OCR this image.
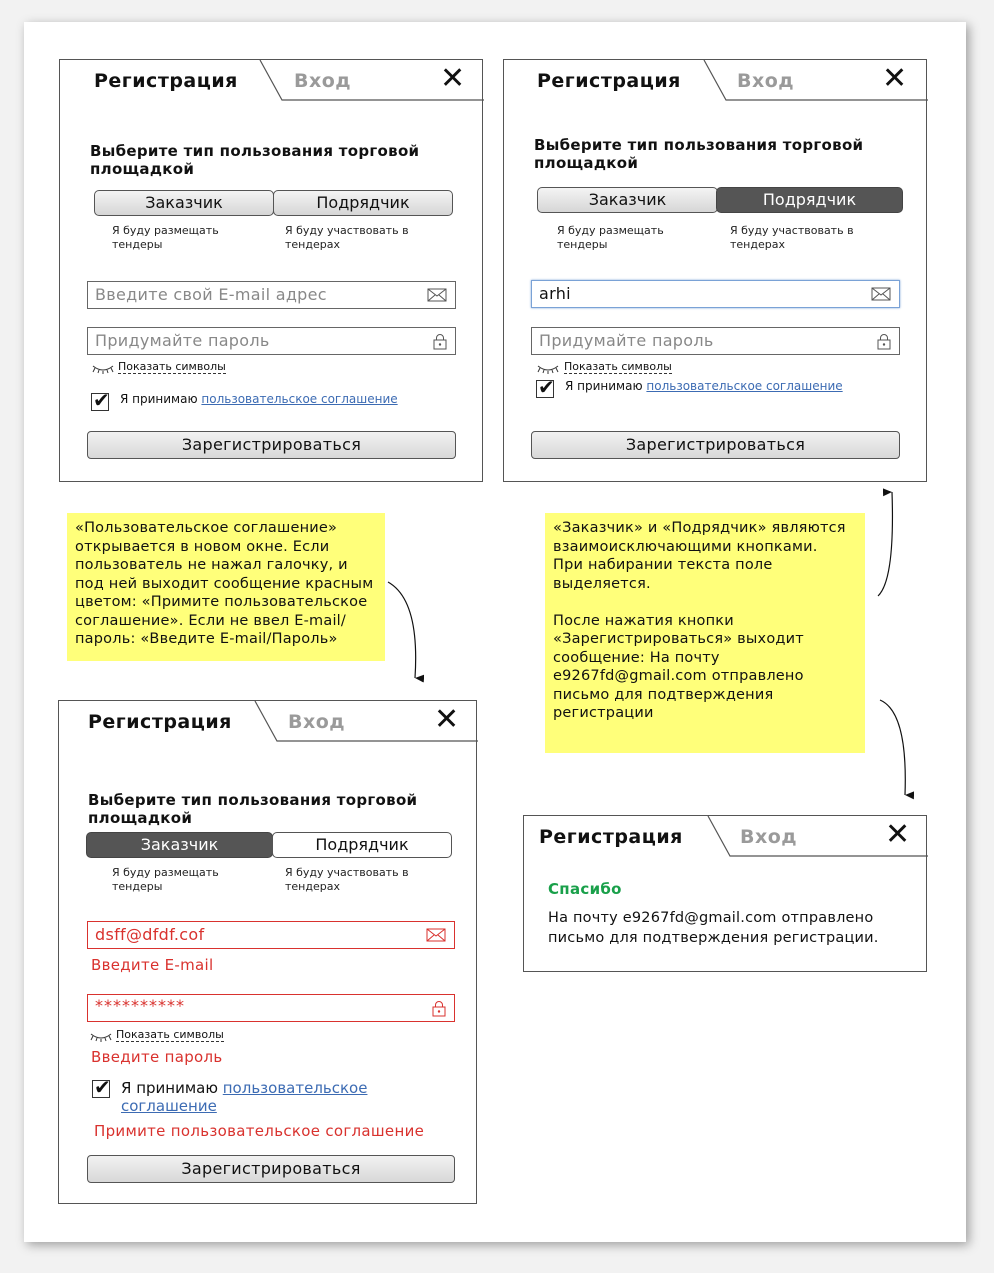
Регистрация	Вход	✕
Выберите тип пользования торговой площадкой
Заказчик	Подрядчик
Я буду размещать тендеры
Я буду участвовать в тендерах
Введите свой E-mail адрес
Придумайте пароль
Показать символы
✔ Я принимаю пользовательское соглашение
Зарегистрироваться
Регистрация	Вход	✕
Выберите тип пользования торговой площадкой
Заказчик	Подрядчик
Я буду размещать тендеры
Я буду участвовать в тендерах
arhi
Придумайте пароль
Показать символы
✔ Я принимаю пользовательское соглашение
Зарегистрироваться
Регистрация	Вход	✕
Выберите тип пользования торговой площадкой
Заказчик	Подрядчик
Я буду размещать тендеры
Я буду участвовать в тендерах
dsff@dfdf.cof
Введите E-mail
**********
Показать символы
Введите пароль
✔ Я принимаю пользовательское
соглашение
Примите пользовательское соглашение
Зарегистрироваться
Регистрация	Вход	✕
Спасибо
На почту e9267fd@gmail.com отправлено
письмо для подтверждения регистрации.
«Пользовательское соглашение»
открывается в новом окне. Если
пользователь не нажал галочку, и
под ней выходит сообщение красным
цветом: «Примите пользовательское
соглашение». Если не ввел E-mail/
пароль: «Введите E-mail/Пароль»
«Заказчик» и «Подрядчик» являются
взаимоисключающими кнопками.
При набирании текста поле
выделяется.
После нажатия кнопки
«Зарегистрироваться» выходит
сообщение: На почту
e9267fd@gmail.com отправлено
письмо для подтверждения
регистрации
